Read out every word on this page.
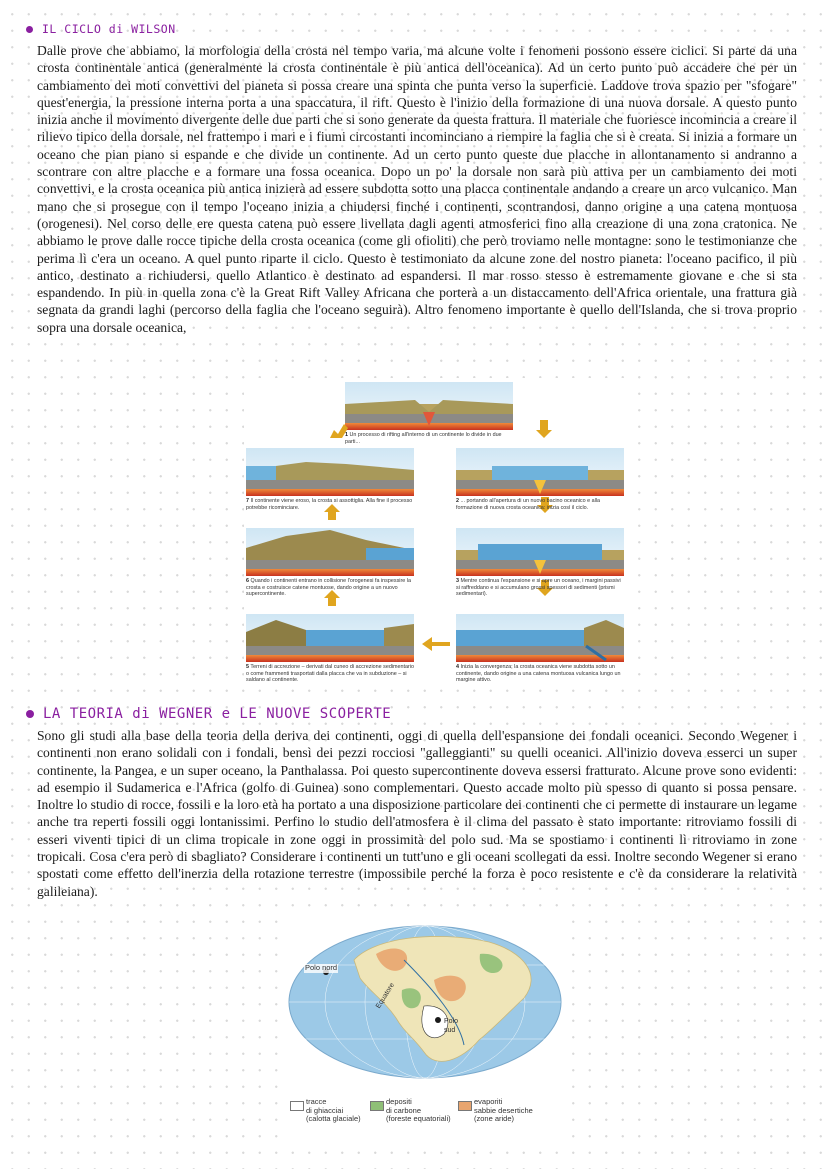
IL CICLO di WILSON

Dalle prove che abbiamo, la morfologia della crosta nel tempo varia, ma alcune volte i fenomeni possono essere ciclici. Si parte da una crosta continentale antica (generalmente la crosta continentale è più antica dell'oceanica). Ad un certo punto può accadere che per un cambiamento dei moti convettivi del pianeta si possa creare una spinta che punta verso la superficie. Laddove trova spazio per "sfogare" quest'energia, la pressione interna porta a una spaccatura, il rift. Questo è l'inizio della formazione di una nuova dorsale. A questo punto inizia anche il movimento divergente delle due parti che si sono generate da questa frattura. Il materiale che fuoriesce incomincia a creare il rilievo tipico della dorsale, nel frattempo i mari e i fiumi circostanti incominciano a riempire la faglia che si è creata. Si inizia a formare un oceano che pian piano si espande e che divide un continente. Ad un certo punto queste due placche in allontanamento si andranno a scontrare con altre placche e a formare una fossa oceanica. Dopo un po' la dorsale non sarà più attiva per un cambiamento dei moti convettivi, e la crosta oceanica più antica inizierà ad essere subdotta sotto una placca continentale andando a creare un arco vulcanico. Man mano che si prosegue con il tempo l'oceano inizia a chiudersi finché i continenti, scontrandosi, danno origine a una catena montuosa (orogenesi). Nel corso delle ere questa catena può essere livellata dagli agenti atmosferici fino alla creazione di una zona cratonica. Ne abbiamo le prove dalle rocce tipiche della crosta oceanica (come gli ofioliti) che però troviamo nelle montagne: sono le testimonianze che perima lì c'era un oceano. A quel punto riparte il ciclo. Questo è testimoniato da alcune zone del nostro pianeta: l'oceano pacifico, il più antico, destinato a richiudersi, quello Atlantico è destinato ad espandersi. Il mar rosso stesso è estremamente giovane e che si sta espandendo. In più in quella zona c'è la Great Rift Valley Africana che porterà a un distaccamento dell'Africa orientale, una frattura già segnata da grandi laghi (percorso della faglia che l'oceano seguirà). Altro fenomeno importante è quello dell'Islanda, che si trova proprio sopra una dorsale oceanica,

1 Un processo di rifting all'interno di un continente lo divide in due parti...

2 ... portando all'apertura di un nuovo bacino oceanico e alla formazione di nuova crosta oceanica: inizia così il ciclo.

3 Mentre continua l'espansione e si apre un oceano, i margini passivi si raffreddano e si accumulano grossi spessori di sedimenti (prismi sedimentari).

4 Inizia la convergenza; la crosta oceanica viene subdotta sotto un continente, dando origine a una catena montuosa vulcanica lungo un margine attivo.

5 Terreni di accrezione – derivati dal cuneo di accrezione sedimentario o come frammenti trasportati dalla placca che va in subduzione – si saldano al continente.

6 Quando i continenti entrano in collisione l'orogenesi fa inspessire la crosta e costruisce catene montuose, dando origine a un nuovo supercontinente.

7 Il continente viene eroso, la crosta si assottiglia. Alla fine il processo potrebbe ricominciare.

LA TEORIA di WEGNER e LE NUOVE SCOPERTE

Sono gli studi alla base della teoria della deriva dei continenti, oggi di quella dell'espansione dei fondali oceanici. Secondo Wegener i continenti non erano solidali con i fondali, bensì dei pezzi rocciosi "galleggianti" su quelli oceanici. All'inizio doveva esserci un super continente, la Pangea, e un super oceano, la Panthalassa. Poi questo supercontinente doveva essersi fratturato. Alcune prove sono evidenti: ad esempio il Sudamerica e l'Africa (golfo di Guinea) sono complementari. Questo accade molto più spesso di quanto si possa pensare. Inoltre lo studio di rocce, fossili e la loro età ha portato a una disposizione particolare dei continenti che ci permette di instaurare un legame anche tra reperti fossili oggi lontanissimi. Perfino lo studio dell'atmosfera è il clima del passato è stato importante: ritroviamo fossili di esseri viventi tipici di un clima tropicale in zone oggi in prossimità del polo sud. Ma se spostiamo i continenti lì ritroviamo in zone tropicali. Cosa c'era però di sbagliato? Considerare i continenti un tutt'uno e gli oceani scollegati da essi. Inoltre secondo Wegener si erano spostati come effetto dell'inerzia della rotazione terrestre (impossibile perché la forza è poco resistente e c'è da considerare la relatività galileiana).

Polo nord
Equatore
Polo
sud
tracce
di ghiacciai
(calotta glaciale)
depositi
di carbone
(foreste equatoriali)
evaporiti
sabbie desertiche
(zone aride)
